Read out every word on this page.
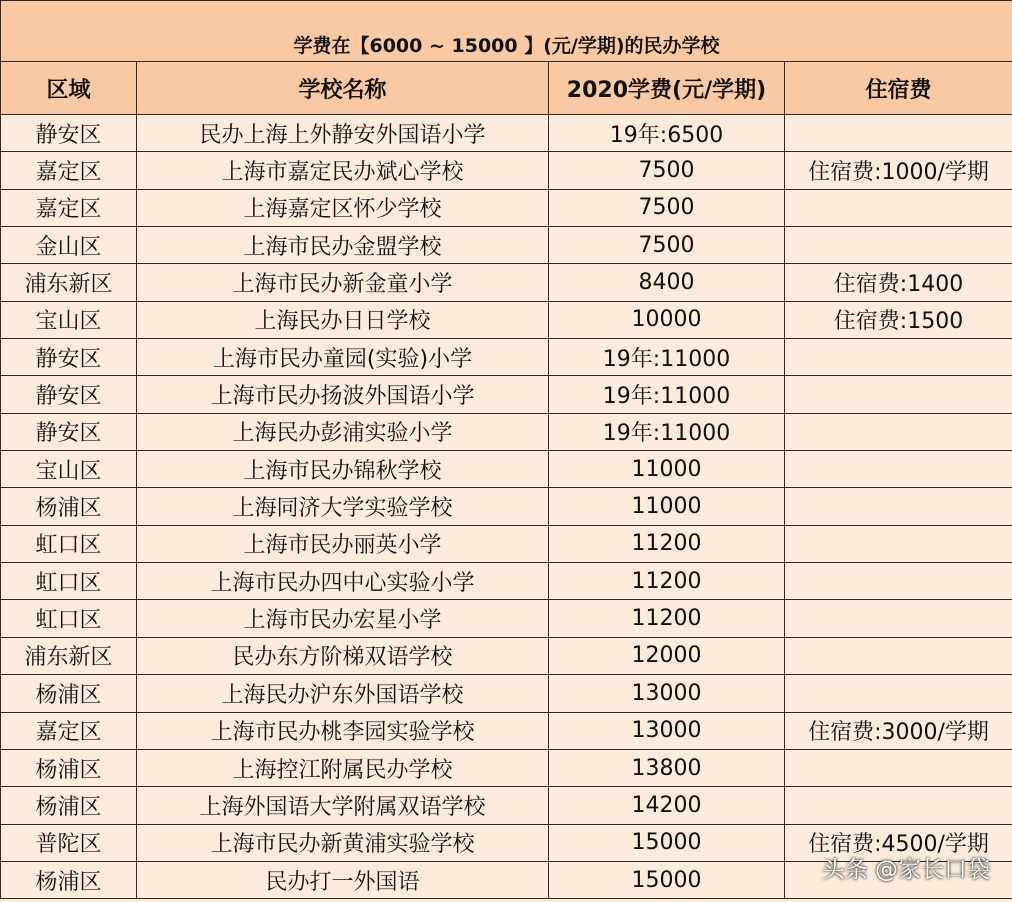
学费在【6000 ~ 15000 】(元/学期)的民办学校			
区域	学校名称	2020学费(元/学期)	住宿费
静安区	民办上海上外静安外国语小学	19年:6500	
嘉定区	上海市嘉定民办斌心学校	7500	住宿费:1000/学期
嘉定区	上海嘉定区怀少学校	7500	
金山区	上海市民办金盟学校	7500	
浦东新区	上海市民办新金童小学	8400	住宿费:1400
宝山区	上海民办日日学校	10000	住宿费:1500
静安区	上海市民办童园(实验)小学	19年:11000	
静安区	上海市民办扬波外国语小学	19年:11000	
静安区	上海民办彭浦实验小学	19年:11000	
宝山区	上海市民办锦秋学校	11000	
杨浦区	上海同济大学实验学校	11000	
虹口区	上海市民办丽英小学	11200	
虹口区	上海市民办四中心实验小学	11200	
虹口区	上海市民办宏星小学	11200	
浦东新区	民办东方阶梯双语学校	12000	
杨浦区	上海民办沪东外国语学校	13000	
嘉定区	上海市民办桃李园实验学校	13000	住宿费:3000/学期
杨浦区	上海控江附属民办学校	13800	
杨浦区	上海外国语大学附属双语学校	14200	
普陀区	上海市民办新黄浦实验学校	15000	住宿费:4500/学期
杨浦区	民办打一外国语	15000		头条 @家长口袋
